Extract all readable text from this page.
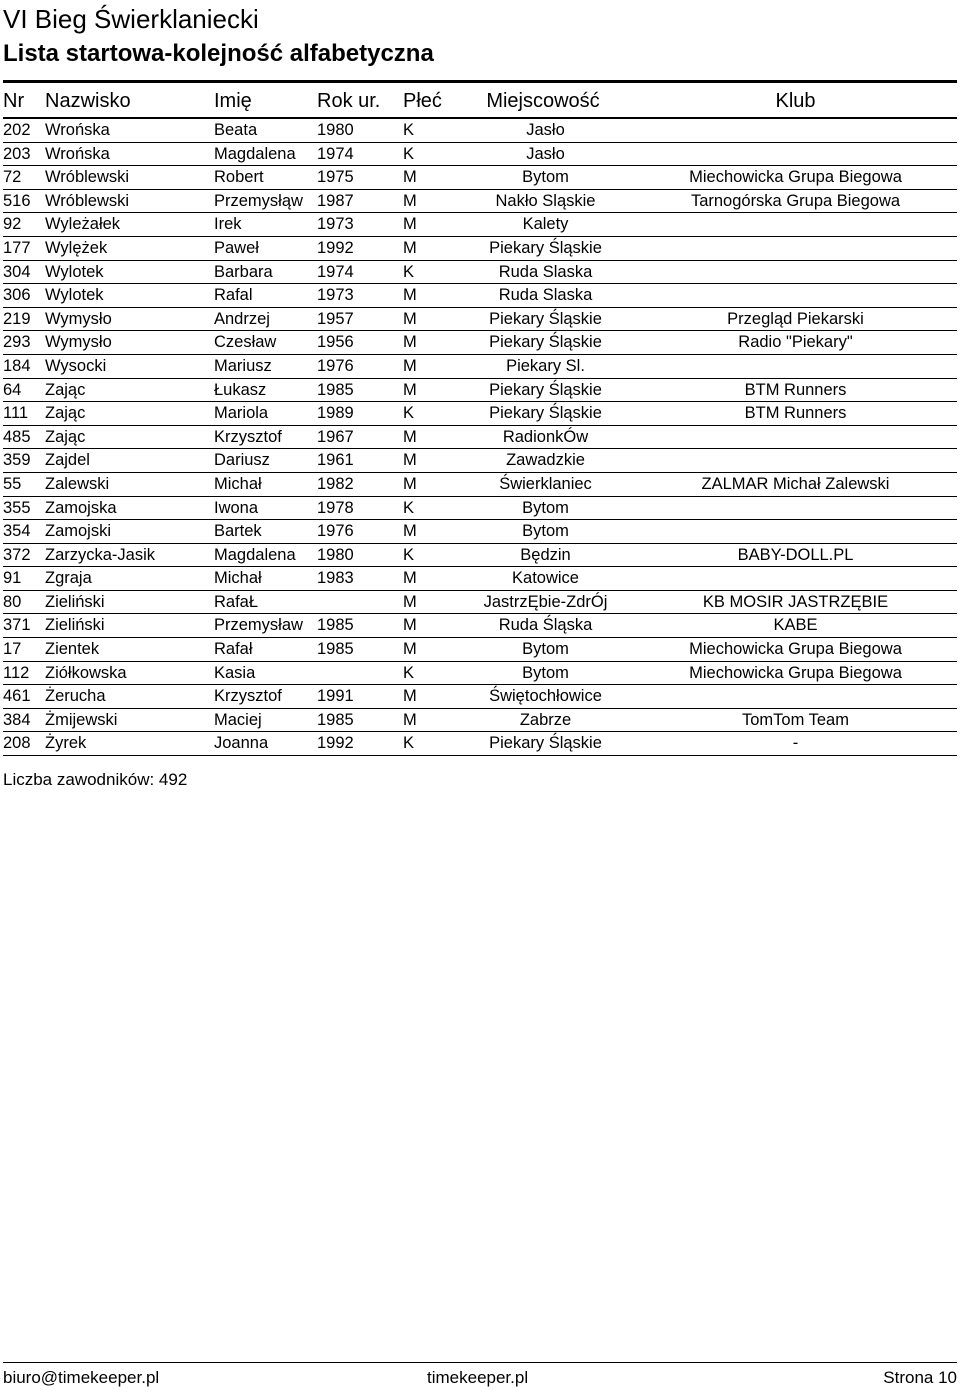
VI Bieg Świerklaniecki
Lista startowa-kolejność alfabetyczna
Nr Nazwisko	Imię	Rok ur. Płeć	Miejscowość	Klub
202 Wrońska	Beata	1980	K	Jasło
203 Wrońska	Magdalena 1974	K	Jasło
72 Wróblewski	Robert	1975	M	Bytom	Miechowicka Grupa Biegowa
516 Wróblewski	Przemysłąw 1987	M	Nakło Sląskie	Tarnogórska Grupa Biegowa
92 Wyleżałek	Irek	1973	M	Kalety
177 Wylężek	Paweł	1992	M	Piekary Śląskie
304 Wylotek	Barbara	1974	K	Ruda Slaska
306 Wylotek	Rafal	1973	M	Ruda Slaska
219 Wymysło	Andrzej	1957	M	Piekary Śląskie	Przegląd Piekarski
293 Wymysło	Czesław 1956	M	Piekary Śląskie	Radio "Piekary"
184 Wysocki	Mariusz	1976	M	Piekary Sl.
64 Zając	Łukasz	1985	M	Piekary Śląskie	BTM Runners
111 Zając	Mariola	1989	K	Piekary Śląskie	BTM Runners
485 Zając	Krzysztof 1967	M	RadionkÓw
359 Zajdel	Dariusz	1961	M	Zawadzkie
55 Zalewski	Michał	1982	M	Świerklaniec	ZALMAR Michał Zalewski
355 Zamojska	Iwona	1978	K	Bytom
354 Zamojski	Bartek	1976	M	Bytom
372 Zarzycka-Jasik	Magdalena 1980	K	Będzin	BABY-DOLL.PL
91 Zgraja	Michał	1983	M	Katowice
80 Zieliński	RafaŁ	M	JastrzĘbie-ZdrÓj	KB MOSIR JASTRZĘBIE
371 Zieliński	Przemysław 1985	M	Ruda Śląska	KABE
17 Zientek	Rafał	1985	M	Bytom	Miechowicka Grupa Biegowa
112 Ziółkowska	Kasia	K	Bytom	Miechowicka Grupa Biegowa
461 Żerucha	Krzysztof 1991	M	Świętochłowice
384 Żmijewski	Maciej	1985	M	Zabrze	TomTom Team
208 Żyrek	Joanna	1992	K	Piekary Śląskie	-
Liczba zawodników: 492
biuro@timekeeper.pl	timekeeper.pl	Strona 10
